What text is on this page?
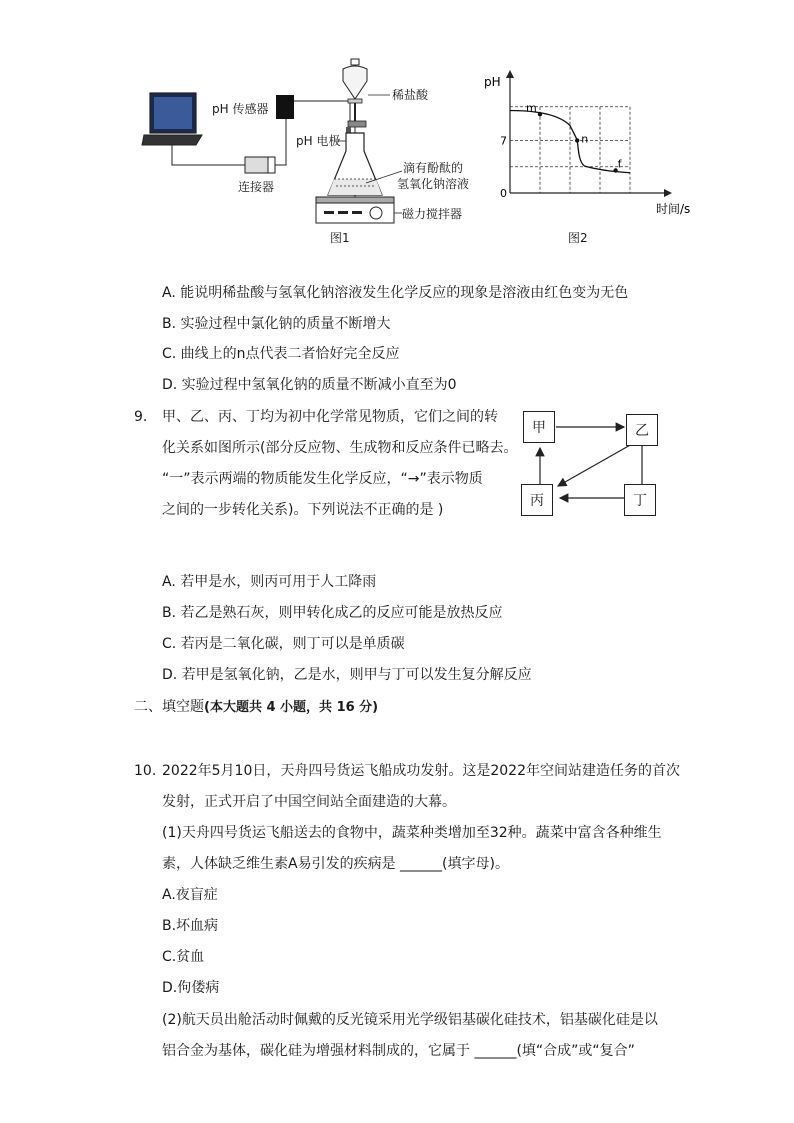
pH 传感器
稀盐酸
pH 电极
滴有酚酞的
氢氧化钠溶液
连接器
磁力搅拌器
图1
pH
时间/s
7
0
m
n
f
图2
A. 能说明稀盐酸与氢氧化钠溶液发生化学反应的现象是溶液由红色变为无色
B. 实验过程中氯化钠的质量不断增大
C. 曲线上的n点代表二者恰好完全反应
D. 实验过程中氢氧化钠的质量不断减小直至为0
9. 甲、乙、丙、丁均为初中化学常见物质，它们之间的转
化关系如图所示(部分反应物、生成物和反应条件已略去。
“一”表示两端的物质能发生化学反应，“→”表示物质
之间的一步转化关系)。下列说法不正确的是 )
甲	乙
丙	丁
A. 若甲是水，则丙可用于人工降雨
B. 若乙是熟石灰，则甲转化成乙的反应可能是放热反应
C. 若丙是二氧化碳，则丁可以是单质碳
D. 若甲是氢氧化钠，乙是水，则甲与丁可以发生复分解反应
二、填空题(本大题共 4 小题，共 16 分)
10. 2022年5月10日，天舟四号货运飞船成功发射。这是2022年空间站建造任务的首次
发射，正式开启了中国空间站全面建造的大幕。
(1)天舟四号货运飞船送去的食物中，蔬菜种类增加至32种。蔬菜中富含各种维生
素，人体缺乏维生素A易引发的疾病是 ______(填字母)。
A.夜盲症
B.坏血病
C.贫血
D.佝偻病
(2)航天员出舱活动时佩戴的反光镜采用光学级铝基碳化硅技术，铝基碳化硅是以
铝合金为基体，碳化硅为增强材料制成的，它属于 ______(填“合成”或“复合”
